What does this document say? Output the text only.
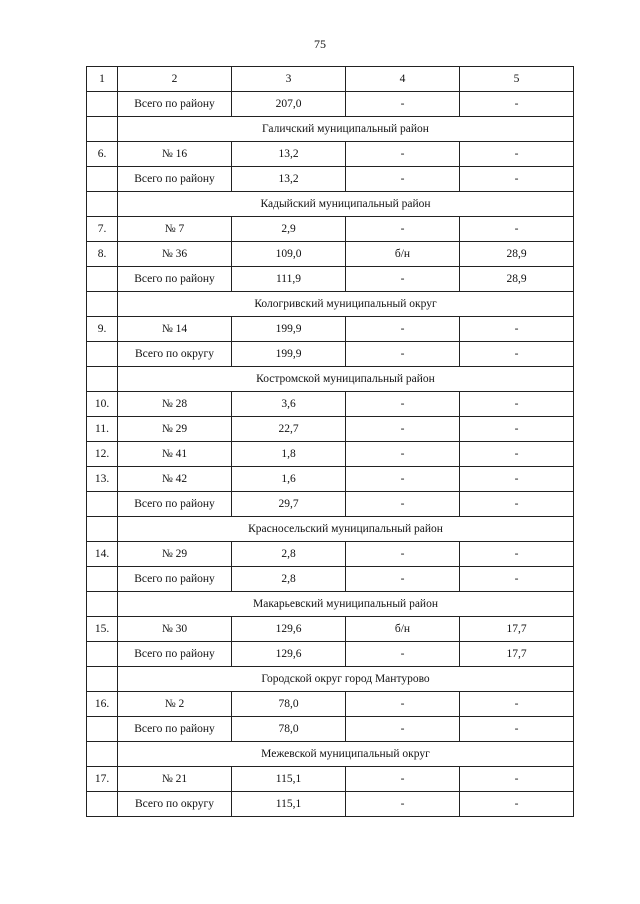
75
1	2	3	4	5
	Всего по району	207,0	-	-
	Галичский муниципальный район			
6.	№ 16	13,2	-	-
	Всего по району	13,2	-	-
	Кадыйский муниципальный район			
7.	№ 7	2,9	-	-
8.	№ 36	109,0	б/н	28,9
	Всего по району	111,9	-	28,9
	Кологривский муниципальный округ			
9.	№ 14	199,9	-	-
	Всего по округу	199,9	-	-
	Костромской муниципальный район			
10.	№ 28	3,6	-	-
11.	№ 29	22,7	-	-
12.	№ 41	1,8	-	-
13.	№ 42	1,6	-	-
	Всего по району	29,7	-	-
	Красносельский муниципальный район			
14.	№ 29	2,8	-	-
	Всего по району	2,8	-	-
	Макарьевский муниципальный район			
15.	№ 30	129,6	б/н	17,7
	Всего по району	129,6	-	17,7
	Городской округ город Мантурово			
16.	№ 2	78,0	-	-
	Всего по району	78,0	-	-
	Межевской муниципальный округ			
17.	№ 21	115,1	-	-
	Всего по округу	115,1	-	-
